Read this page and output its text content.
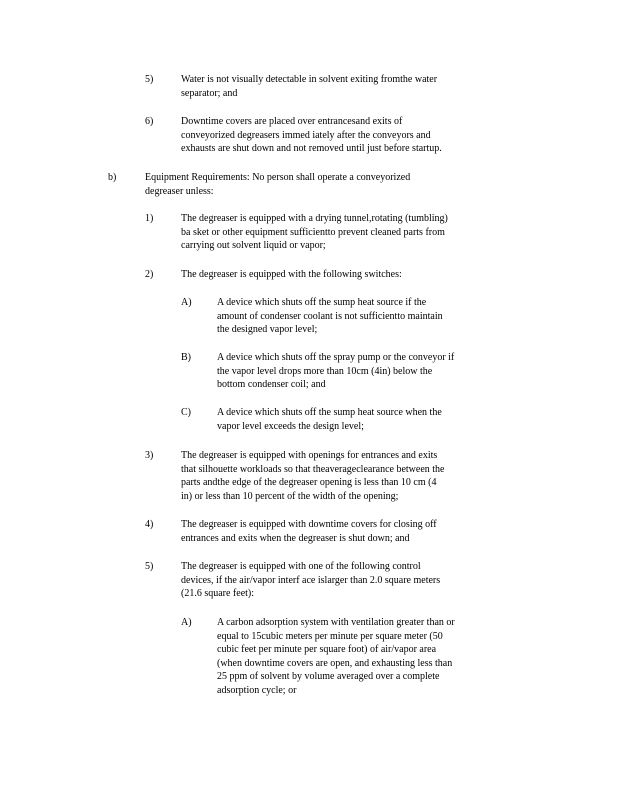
5)	Water is not visually detectable in solvent exiting fromthe water
separator; and
6)	Downtime covers are placed over entrancesand exits of
conveyorized degreasers immed iately after the conveyors and
exhausts are shut down and not removed until just before startup.
b)	Equipment Requirements: No person shall operate a conveyorized
degreaser unless:
1)	The degreaser is equipped with a drying tunnel,rotating (tumbling)
ba sket or other equipment sufficientto prevent cleaned parts from
carrying out solvent liquid or vapor;
2)	The degreaser is equipped with the following switches:
A)	A device which shuts off the sump heat source if the
amount of condenser coolant is not sufficientto maintain
the designed vapor level;
B)	A device which shuts off the spray pump or the conveyor if
the vapor level drops more than 10cm (4in) below the
bottom condenser coil; and
C)	A device which shuts off the sump heat source when the
vapor level exceeds the design level;
3)	The degreaser is equipped with openings for entrances and exits
that silhouette workloads so that theaverageclearance between the
parts andthe edge of the degreaser opening is less than 10 cm (4
in) or less than 10 percent of the width of the opening;
4)	The degreaser is equipped with downtime covers for closing off
entrances and exits when the degreaser is shut down; and
5)	The degreaser is equipped with one of the following control
devices, if the air/vapor interf ace islarger than 2.0 square meters
(21.6 square feet):
A)	A carbon adsorption system with ventilation greater than or
equal to 15cubic meters per minute per square meter (50
cubic feet per minute per square foot) of air/vapor area
(when downtime covers are open, and exhausting less than
25 ppm of solvent by volume averaged over a complete
adsorption cycle; or
